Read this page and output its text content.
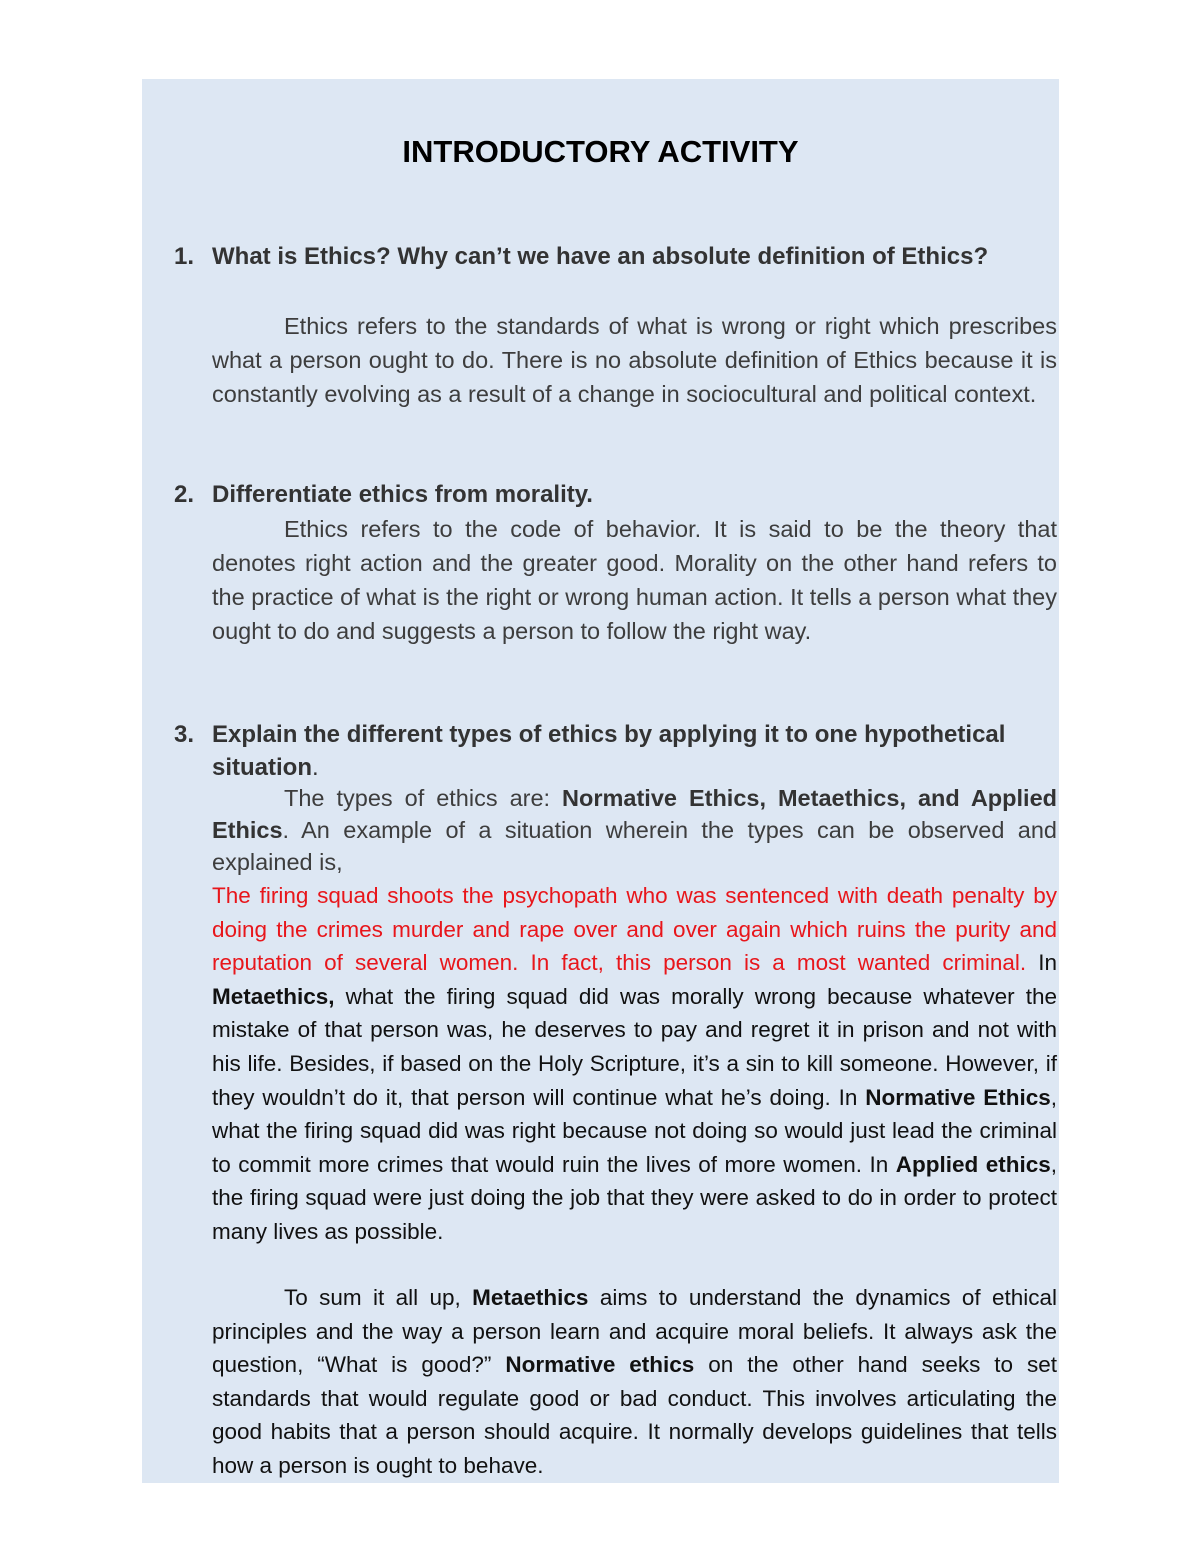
INTRODUCTORY ACTIVITY
1. What is Ethics? Why can’t we have an absolute definition of Ethics?
Ethics refers to the standards of what is wrong or right which prescribes what a person ought to do. There is no absolute definition of Ethics because it is constantly evolving as a result of a change in sociocultural and political context.
2. Differentiate ethics from morality.
Ethics refers to the code of behavior. It is said to be the theory that denotes right action and the greater good. Morality on the other hand refers to the practice of what is the right or wrong human action. It tells a person what they ought to do and suggests a person to follow the right way.
3. Explain the different types of ethics by applying it to one hypothetical situation.
The types of ethics are: Normative Ethics, Metaethics, and Applied Ethics. An example of a situation wherein the types can be observed and explained is,
The firing squad shoots the psychopath who was sentenced with death penalty by doing the crimes murder and rape over and over again which ruins the purity and reputation of several women. In fact, this person is a most wanted criminal. In Metaethics, what the firing squad did was morally wrong because whatever the mistake of that person was, he deserves to pay and regret it in prison and not with his life. Besides, if based on the Holy Scripture, it’s a sin to kill someone. However, if they wouldn’t do it, that person will continue what he’s doing. In Normative Ethics, what the firing squad did was right because not doing so would just lead the criminal to commit more crimes that would ruin the lives of more women. In Applied ethics, the firing squad were just doing the job that they were asked to do in order to protect many lives as possible.
To sum it all up, Metaethics aims to understand the dynamics of ethical principles and the way a person learn and acquire moral beliefs. It always ask the question, “What is good?” Normative ethics on the other hand seeks to set standards that would regulate good or bad conduct. This involves articulating the good habits that a person should acquire. It normally develops guidelines that tells how a person is ought to behave.
